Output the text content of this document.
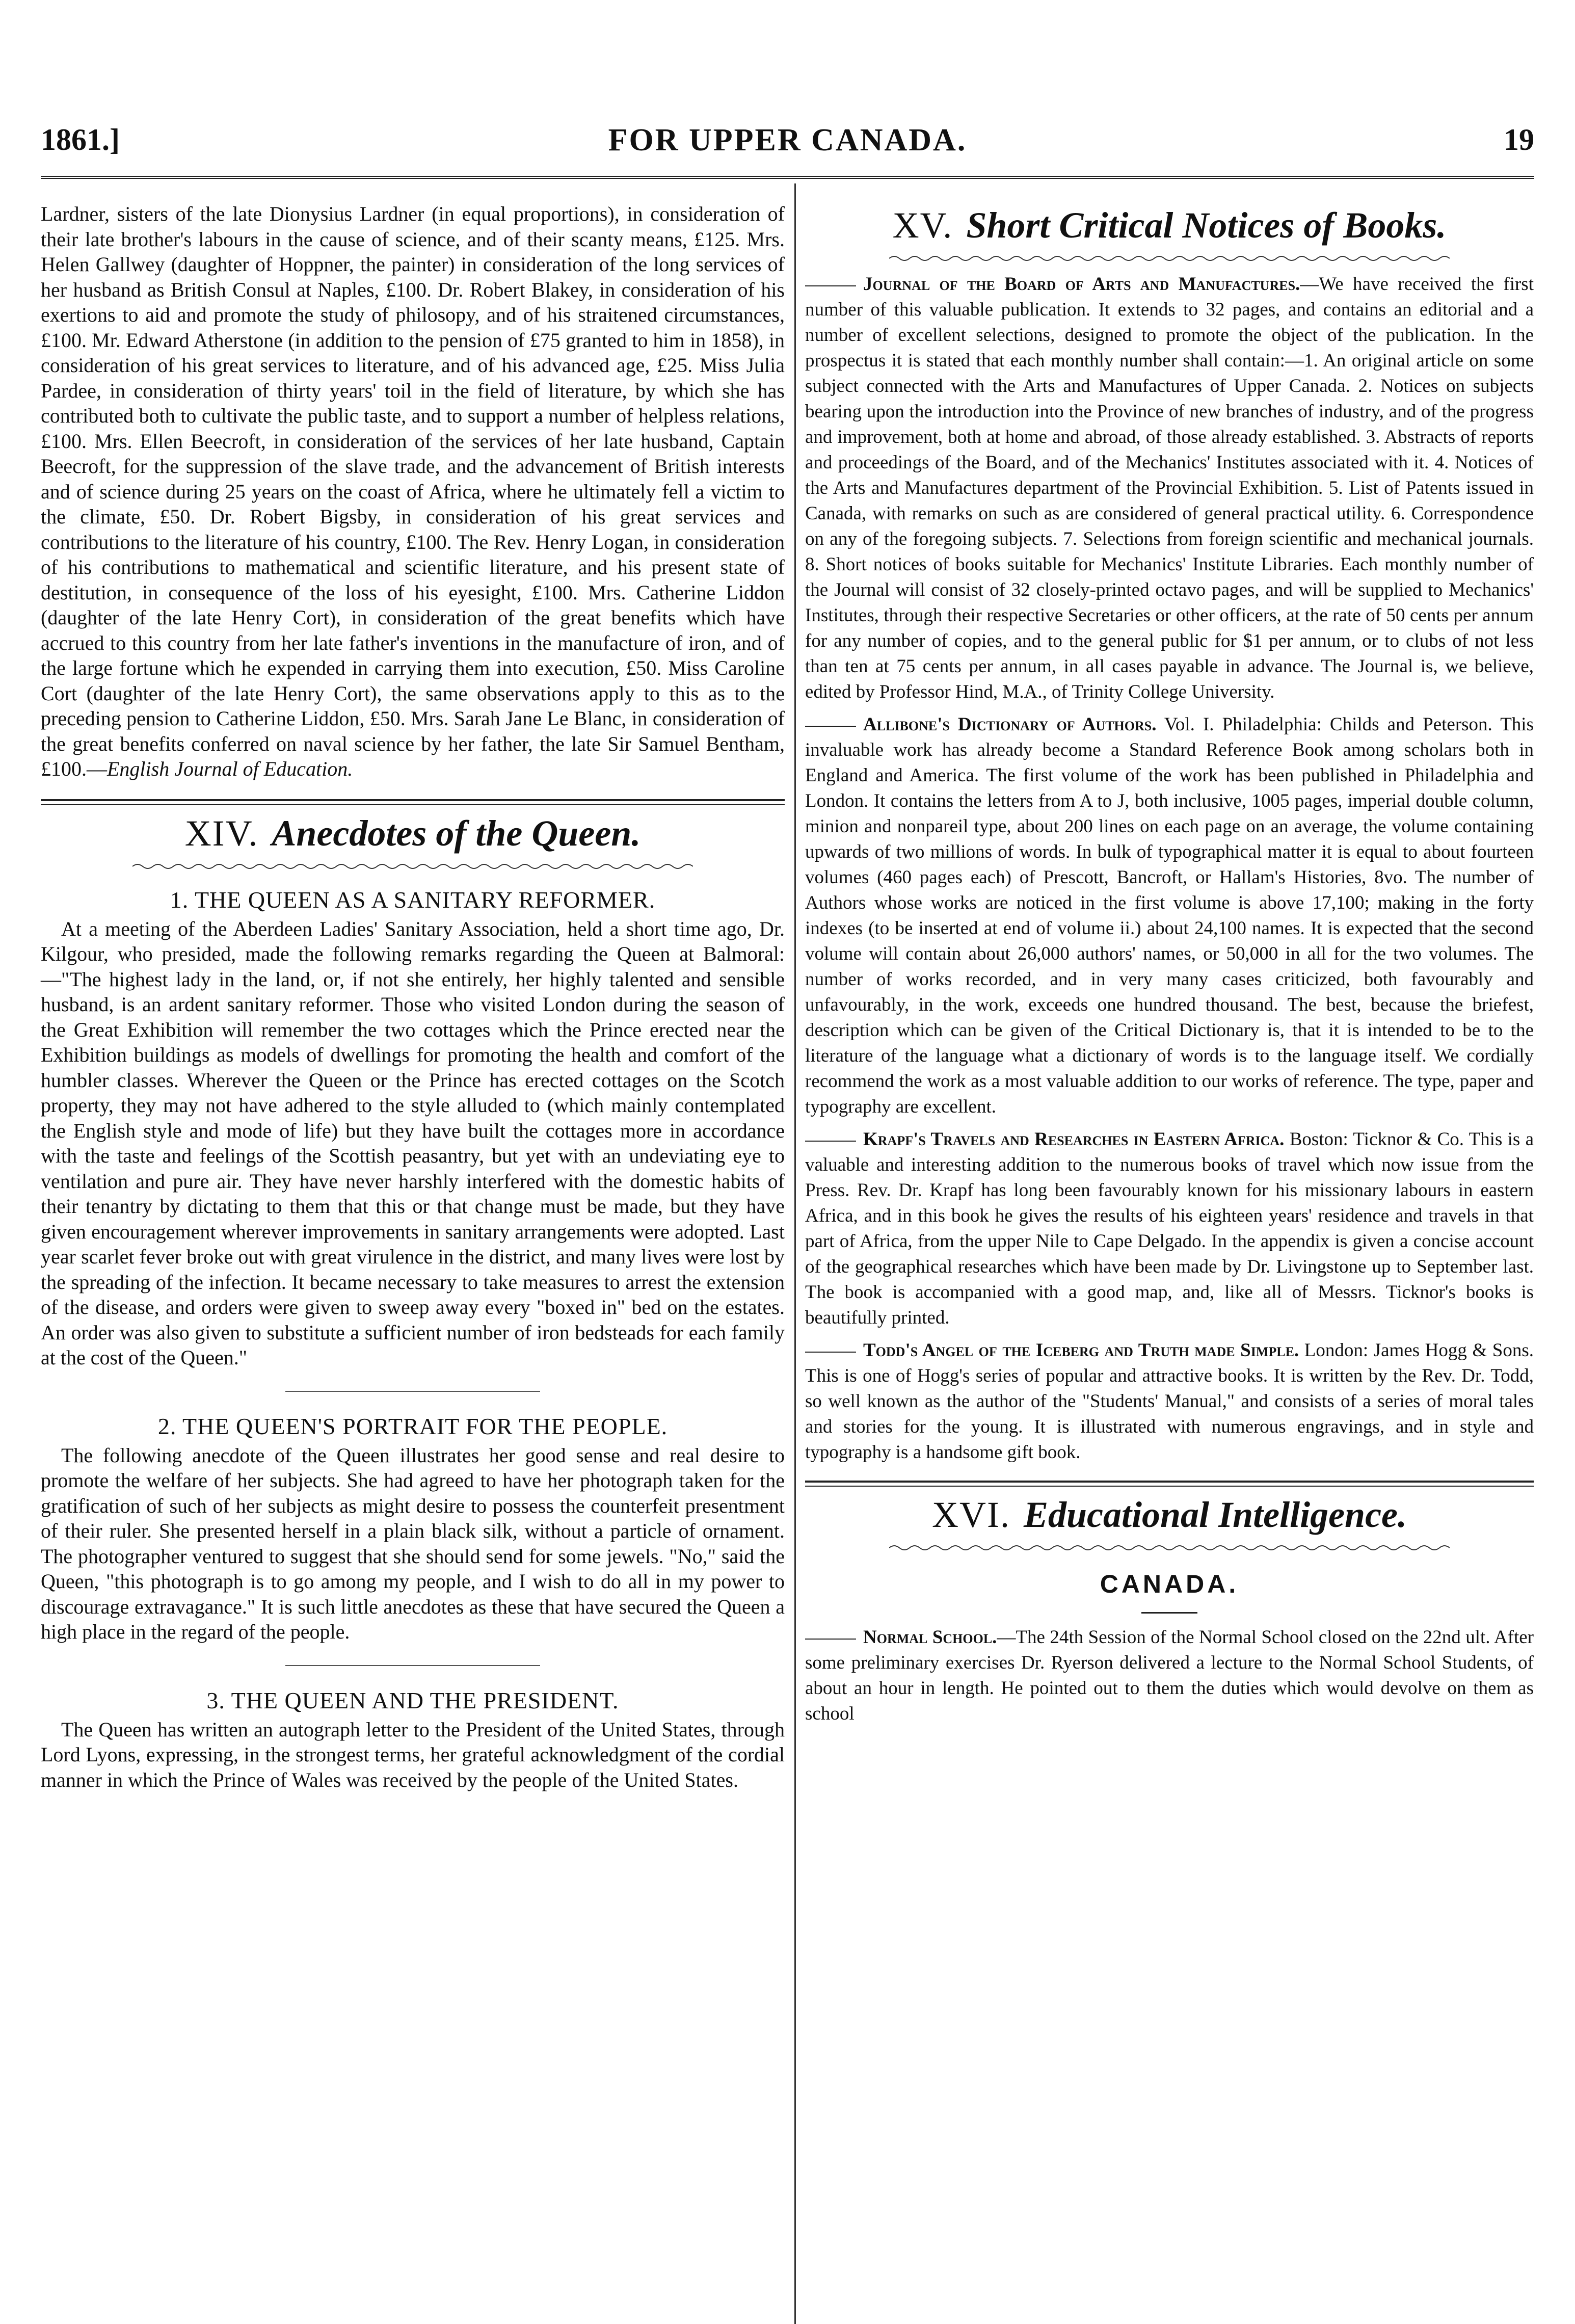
1861.]	FOR UPPER CANADA.	19

Lardner, sisters of the late Dionysius Lardner (in equal proportions), in consideration of their late brother's labours in the cause of science, and of their scanty means, £125. Mrs. Helen Gallwey (daughter of Hoppner, the painter) in consideration of the long services of her husband as British Consul at Naples, £100. Dr. Robert Blakey, in consideration of his exertions to aid and promote the study of philosopy, and of his straitened circumstances, £100. Mr. Edward Atherstone (in addition to the pension of £75 granted to him in 1858), in consideration of his great services to literature, and of his advanced age, £25. Miss Julia Pardee, in consideration of thirty years' toil in the field of literature, by which she has contributed both to cultivate the public taste, and to support a number of helpless relations, £100. Mrs. Ellen Beecroft, in consideration of the services of her late husband, Captain Beecroft, for the suppression of the slave trade, and the advancement of British interests and of science during 25 years on the coast of Africa, where he ultimately fell a victim to the climate, £50. Dr. Robert Bigsby, in consideration of his great services and contributions to the literature of his country, £100. The Rev. Henry Logan, in consideration of his contributions to mathematical and scientific literature, and his present state of destitution, in consequence of the loss of his eyesight, £100. Mrs. Catherine Liddon (daughter of the late Henry Cort), in consideration of the great benefits which have accrued to this country from her late father's inventions in the manufacture of iron, and of the large fortune which he expended in carrying them into execution, £50. Miss Caroline Cort (daughter of the late Henry Cort), the same observations apply to this as to the preceding pension to Catherine Liddon, £50. Mrs. Sarah Jane Le Blanc, in consideration of the great benefits conferred on naval science by her father, the late Sir Samuel Bentham, £100.—English Journal of Education.

XIV. Anecdotes of the Queen.
1. THE QUEEN AS A SANITARY REFORMER.

At a meeting of the Aberdeen Ladies' Sanitary Association, held a short time ago, Dr. Kilgour, who presided, made the following remarks regarding the Queen at Balmoral:—"The highest lady in the land, or, if not she entirely, her highly talented and sensible husband, is an ardent sanitary reformer. Those who visited London during the season of the Great Exhibition will remember the two cottages which the Prince erected near the Exhibition buildings as models of dwellings for promoting the health and comfort of the humbler classes. Wherever the Queen or the Prince has erected cottages on the Scotch property, they may not have adhered to the style alluded to (which mainly contemplated the English style and mode of life) but they have built the cottages more in accordance with the taste and feelings of the Scottish peasantry, but yet with an undeviating eye to ventilation and pure air. They have never harshly interfered with the domestic habits of their tenantry by dictating to them that this or that change must be made, but they have given encouragement wherever improvements in sanitary arrangements were adopted. Last year scarlet fever broke out with great virulence in the district, and many lives were lost by the spreading of the infection. It became necessary to take measures to arrest the extension of the disease, and orders were given to sweep away every "boxed in" bed on the estates. An order was also given to substitute a sufficient number of iron bedsteads for each family at the cost of the Queen."

2. THE QUEEN'S PORTRAIT FOR THE PEOPLE.

The following anecdote of the Queen illustrates her good sense and real desire to promote the welfare of her subjects. She had agreed to have her photograph taken for the gratification of such of her subjects as might desire to possess the counterfeit presentment of their ruler. She presented herself in a plain black silk, without a particle of ornament. The photographer ventured to suggest that she should send for some jewels. "No," said the Queen, "this photograph is to go among my people, and I wish to do all in my power to discourage extravagance." It is such little anecdotes as these that have secured the Queen a high place in the regard of the people.

3. THE QUEEN AND THE PRESIDENT.

The Queen has written an autograph letter to the President of the United States, through Lord Lyons, expressing, in the strongest terms, her grateful acknowledgment of the cordial manner in which the Prince of Wales was received by the people of the United States.

XV. Short Critical Notices of Books.

Journal of the Board of Arts and Manufactures.—We have received the first number of this valuable publication. It extends to 32 pages, and contains an editorial and a number of excellent selections, designed to promote the object of the publication. In the prospectus it is stated that each monthly number shall contain:—1. An original article on some subject connected with the Arts and Manufactures of Upper Canada. 2. Notices on subjects bearing upon the introduction into the Province of new branches of industry, and of the progress and improvement, both at home and abroad, of those already established. 3. Abstracts of reports and proceedings of the Board, and of the Mechanics' Institutes associated with it. 4. Notices of the Arts and Manufactures department of the Provincial Exhibition. 5. List of Patents issued in Canada, with remarks on such as are considered of general practical utility. 6. Correspondence on any of the foregoing subjects. 7. Selections from foreign scientific and mechanical journals. 8. Short notices of books suitable for Mechanics' Institute Libraries. Each monthly number of the Journal will consist of 32 closely-printed octavo pages, and will be supplied to Mechanics' Institutes, through their respective Secretaries or other officers, at the rate of 50 cents per annum for any number of copies, and to the general public for $1 per annum, or to clubs of not less than ten at 75 cents per annum, in all cases payable in advance. The Journal is, we believe, edited by Professor Hind, M.A., of Trinity College University.

Allibone's Dictionary of Authors. Vol. I. Philadelphia: Childs and Peterson. This invaluable work has already become a Standard Reference Book among scholars both in England and America. The first volume of the work has been published in Philadelphia and London. It contains the letters from A to J, both inclusive, 1005 pages, imperial double column, minion and nonpareil type, about 200 lines on each page on an average, the volume containing upwards of two millions of words. In bulk of typographical matter it is equal to about fourteen volumes (460 pages each) of Prescott, Bancroft, or Hallam's Histories, 8vo. The number of Authors whose works are noticed in the first volume is above 17,100; making in the forty indexes (to be inserted at end of volume ii.) about 24,100 names. It is expected that the second volume will contain about 26,000 authors' names, or 50,000 in all for the two volumes. The number of works recorded, and in very many cases criticized, both favourably and unfavourably, in the work, exceeds one hundred thousand. The best, because the briefest, description which can be given of the Critical Dictionary is, that it is intended to be to the literature of the language what a dictionary of words is to the language itself. We cordially recommend the work as a most valuable addition to our works of reference. The type, paper and typography are excellent.

Krapf's Travels and Researches in Eastern Africa. Boston: Ticknor & Co. This is a valuable and interesting addition to the numerous books of travel which now issue from the Press. Rev. Dr. Krapf has long been favourably known for his missionary labours in eastern Africa, and in this book he gives the results of his eighteen years' residence and travels in that part of Africa, from the upper Nile to Cape Delgado. In the appendix is given a concise account of the geographical researches which have been made by Dr. Livingstone up to September last. The book is accompanied with a good map, and, like all of Messrs. Ticknor's books is beautifully printed.

Todd's Angel of the Iceberg and Truth made Simple. London: James Hogg & Sons. This is one of Hogg's series of popular and attractive books. It is written by the Rev. Dr. Todd, so well known as the author of the "Students' Manual," and consists of a series of moral tales and stories for the young. It is illustrated with numerous engravings, and in style and typography is a handsome gift book.

XVI. Educational Intelligence.
CANADA.

Normal School.—The 24th Session of the Normal School closed on the 22nd ult. After some preliminary exercises Dr. Ryerson delivered a lecture to the Normal School Students, of about an hour in length. He pointed out to them the duties which would devolve on them as school
